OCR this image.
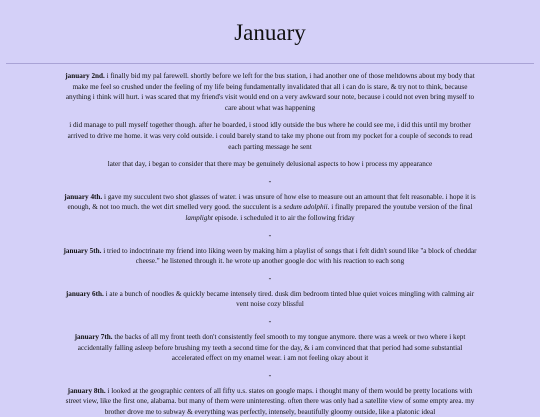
January

january 2nd. i finally bid my pal farewell. shortly before we left for the bus station, i had another one of those meltdowns about my body that make me feel so crushed under the feeling of my life being fundamentally invalidated that all i can do is stare, & try not to think, because anything i think will hurt. i was scared that my friend's visit would end on a very awkward sour note, because i could not even bring myself to care about what was happening

i did manage to pull myself together though. after he boarded, i stood idly outside the bus where he could see me, i did this until my brother arrived to drive me home. it was very cold outside. i could barely stand to take my phone out from my pocket for a couple of seconds to read each parting message he sent

later that day, i began to consider that there may be genuinely delusional aspects to how i process my appearance

-

january 4th. i gave my succulent two shot glasses of water. i was unsure of how else to measure out an amount that felt reasonable. i hope it is enough, & not too much. the wet dirt smelled very good. the succulent is a sedum adolphii. i finally prepared the youtube version of the final lamplight episode. i scheduled it to air the following friday

-

january 5th. i tried to indoctrinate my friend into liking ween by making him a playlist of songs that i felt didn't sound like "a block of cheddar cheese." he listened through it. he wrote up another google doc with his reaction to each song

-

january 6th. i ate a bunch of noodles & quickly became intensely tired. dusk dim bedroom tinted blue quiet voices mingling with calming air vent noise cozy blissful

-

january 7th. the backs of all my front teeth don't consistently feel smooth to my tongue anymore. there was a week or two where i kept accidentally falling asleep before brushing my teeth a second time for the day, & i am convinced that that period had some substantial accelerated effect on my enamel wear. i am not feeling okay about it

-

january 8th. i looked at the geographic centers of all fifty u.s. states on google maps. i thought many of them would be pretty locations with street view, like the first one, alabama. but many of them were uninteresting. often there was only had a satellite view of some empty area. my brother drove me to subway & everything was perfectly, intensely, beautifully gloomy outside, like a platonic ideal
